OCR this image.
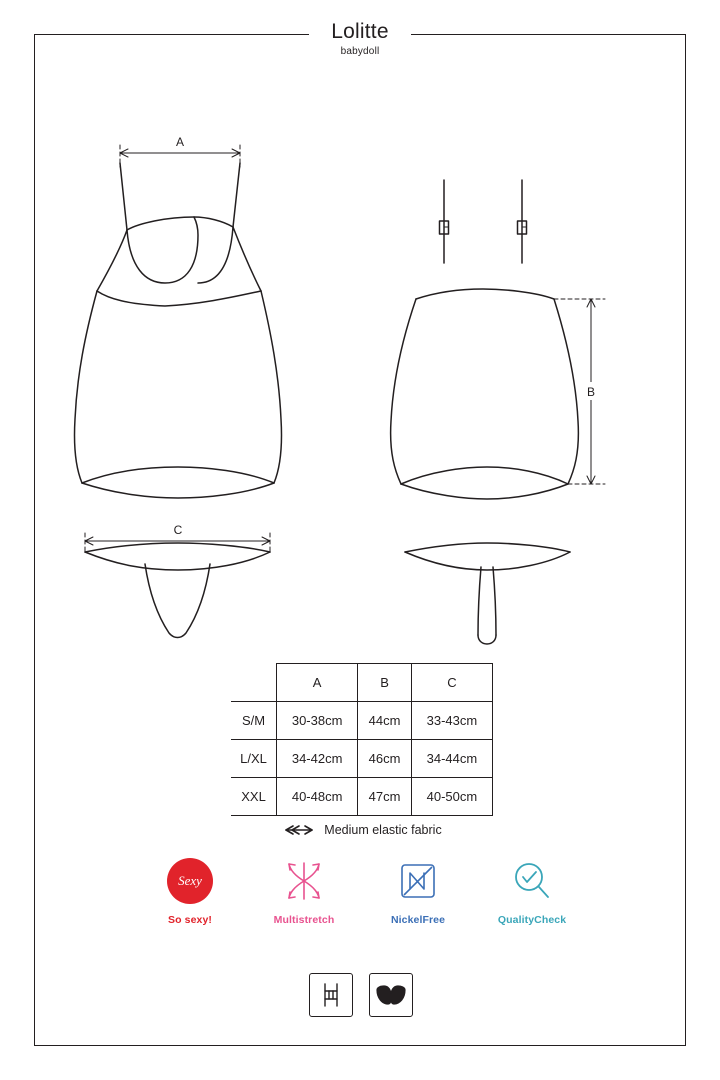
Lolitte
babydoll
A
B
C
	A	B	C
S/M	30-38cm	44cm	33-43cm
L/XL	34-42cm	46cm	34-44cm
XXL	40-48cm	47cm	40-50cm
Medium elastic fabric
Sexy
So sexy!	Multistretch	NickelFree	QualityCheck
